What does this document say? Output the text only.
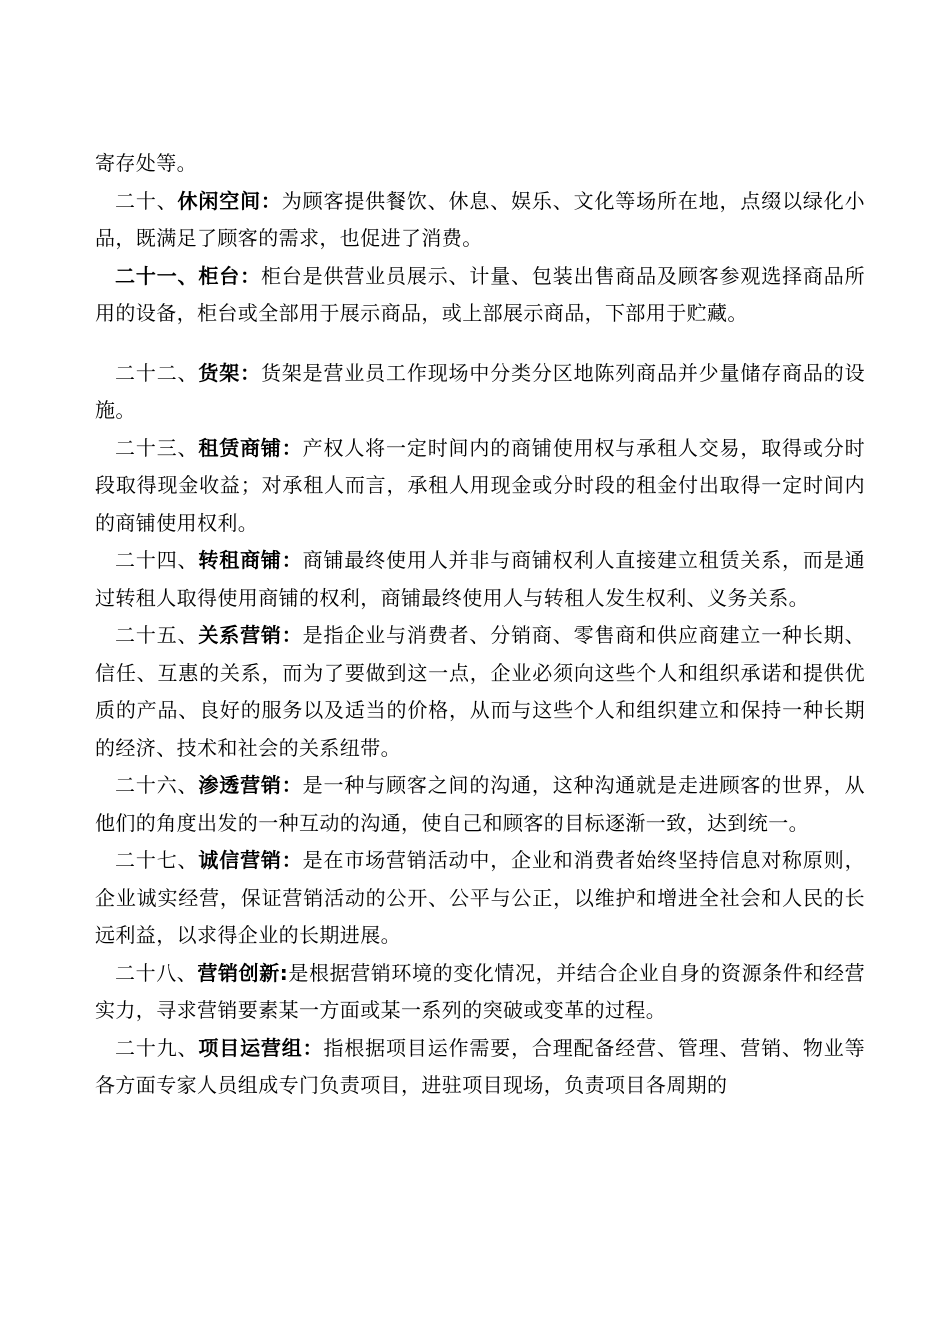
寄存处等。

二十、休闲空间：为顾客提供餐饮、休息、娱乐、文化等场所在地，点缀以绿化小品，既满足了顾客的需求，也促进了消费。

二十一、柜台：柜台是供营业员展示、计量、包装出售商品及顾客参观选择商品所用的设备，柜台或全部用于展示商品，或上部展示商品，下部用于贮藏。

二十二、货架：货架是营业员工作现场中分类分区地陈列商品并少量储存商品的设施。

二十三、租赁商铺：产权人将一定时间内的商铺使用权与承租人交易，取得或分时段取得现金收益；对承租人而言，承租人用现金或分时段的租金付出取得一定时间内的商铺使用权利。

二十四、转租商铺：商铺最终使用人并非与商铺权利人直接建立租赁关系，而是通过转租人取得使用商铺的权利，商铺最终使用人与转租人发生权利、义务关系。

二十五、关系营销：是指企业与消费者、分销商、零售商和供应商建立一种长期、信任、互惠的关系，而为了要做到这一点，企业必须向这些个人和组织承诺和提供优质的产品、良好的服务以及适当的价格，从而与这些个人和组织建立和保持一种长期的经济、技术和社会的关系纽带。

二十六、渗透营销：是一种与顾客之间的沟通，这种沟通就是走进顾客的世界，从他们的角度出发的一种互动的沟通，使自己和顾客的目标逐渐一致，达到统一。

二十七、诚信营销：是在市场营销活动中，企业和消费者始终坚持信息对称原则，企业诚实经营，保证营销活动的公开、公平与公正，以维护和增进全社会和人民的长远利益，以求得企业的长期进展。

二十八、营销创新:是根据营销环境的变化情况，并结合企业自身的资源条件和经营实力，寻求营销要素某一方面或某一系列的突破或变革的过程。

二十九、项目运营组：指根据项目运作需要，合理配备经营、管理、营销、物业等各方面专家人员组成专门负责项目，进驻项目现场，负责项目各周期的
